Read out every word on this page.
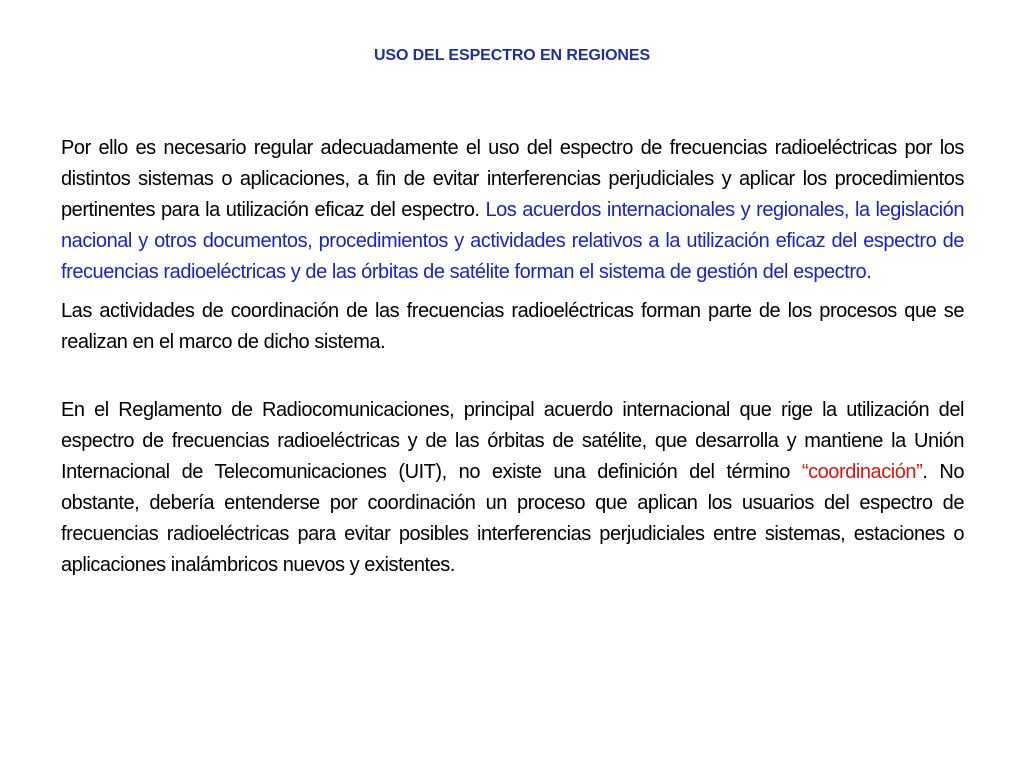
USO DEL ESPECTRO EN REGIONES

Por ello es necesario regular adecuadamente el uso del espectro de frecuencias radioeléctricas por los distintos sistemas o aplicaciones, a fin de evitar interferencias perjudiciales y aplicar los procedimientos pertinentes para la utilización eficaz del espectro. Los acuerdos internacionales y regionales, la legislación nacional y otros documentos, procedimientos y actividades relativos a la utilización eficaz del espectro de frecuencias radioeléctricas y de las órbitas de satélite forman el sistema de gestión del espectro.

Las actividades de coordinación de las frecuencias radioeléctricas forman parte de los procesos que se realizan en el marco de dicho sistema.

En el Reglamento de Radiocomunicaciones, principal acuerdo internacional que rige la utilización del espectro de frecuencias radioeléctricas y de las órbitas de satélite, que desarrolla y mantiene la Unión Internacional de Telecomunicaciones (UIT), no existe una definición del término “coordinación”. No obstante, debería entenderse por coordinación un proceso que aplican los usuarios del espectro de frecuencias radioeléctricas para evitar posibles interferencias perjudiciales entre sistemas, estaciones o aplicaciones inalámbricos nuevos y existentes.
